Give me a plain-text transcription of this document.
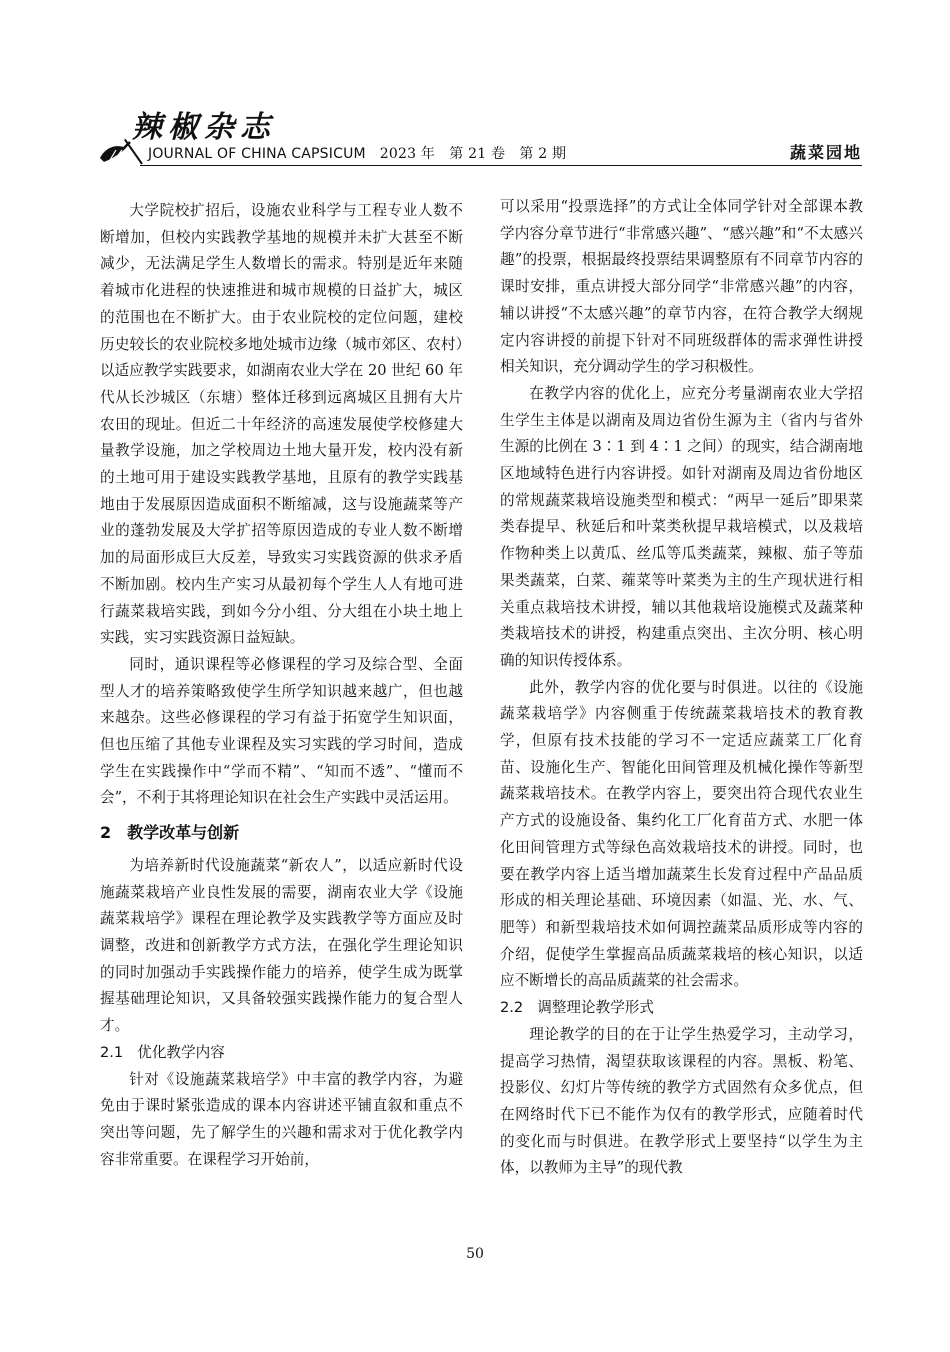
辣椒杂志
JOURNAL OF CHINA CAPSICUM 2023 年　第 21 卷　第 2 期	蔬菜园地

大学院校扩招后，设施农业科学与工程专业人数不断增加，但校内实践教学基地的规模并未扩大甚至不断减少，无法满足学生人数增长的需求。特别是近年来随着城市化进程的快速推进和城市规模的日益扩大，城区的范围也在不断扩大。由于农业院校的定位问题，建校历史较长的农业院校多地处城市边缘（城市郊区、农村）以适应教学实践要求，如湖南农业大学在 20 世纪 60 年代从长沙城区（东塘）整体迁移到远离城区且拥有大片农田的现址。但近二十年经济的高速发展使学校修建大量教学设施，加之学校周边土地大量开发，校内没有新的土地可用于建设实践教学基地，且原有的教学实践基地由于发展原因造成面积不断缩减，这与设施蔬菜等产业的蓬勃发展及大学扩招等原因造成的专业人数不断增加的局面形成巨大反差，导致实习实践资源的供求矛盾不断加剧。校内生产实习从最初每个学生人人有地可进行蔬菜栽培实践，到如今分小组、分大组在小块土地上实践，实习实践资源日益短缺。

同时，通识课程等必修课程的学习及综合型、全面型人才的培养策略致使学生所学知识越来越广，但也越来越杂。这些必修课程的学习有益于拓宽学生知识面，但也压缩了其他专业课程及实习实践的学习时间，造成学生在实践操作中“学而不精”、“知而不透”、“懂而不会”，不利于其将理论知识在社会生产实践中灵活运用。

2 教学改革与创新

为培养新时代设施蔬菜“新农人”，以适应新时代设施蔬菜栽培产业良性发展的需要，湖南农业大学《设施蔬菜栽培学》课程在理论教学及实践教学等方面应及时调整，改进和创新教学方式方法，在强化学生理论知识的同时加强动手实践操作能力的培养，使学生成为既掌握基础理论知识，又具备较强实践操作能力的复合型人才。

2.1 优化教学内容

针对《设施蔬菜栽培学》中丰富的教学内容，为避免由于课时紧张造成的课本内容讲述平铺直叙和重点不突出等问题，先了解学生的兴趣和需求对于优化教学内容非常重要。在课程学习开始前，

可以采用“投票选择”的方式让全体同学针对全部课本教学内容分章节进行“非常感兴趣”、“感兴趣”和“不太感兴趣”的投票，根据最终投票结果调整原有不同章节内容的课时安排，重点讲授大部分同学“非常感兴趣”的内容，辅以讲授“不太感兴趣”的章节内容，在符合教学大纲规定内容讲授的前提下针对不同班级群体的需求弹性讲授相关知识，充分调动学生的学习积极性。

在教学内容的优化上，应充分考量湖南农业大学招生学生主体是以湖南及周边省份生源为主（省内与省外生源的比例在 3∶1 到 4∶1 之间）的现实，结合湖南地区地域特色进行内容讲授。如针对湖南及周边省份地区的常规蔬菜栽培设施类型和模式：“两早一延后”即果菜类春提早、秋延后和叶菜类秋提早栽培模式，以及栽培作物种类上以黄瓜、丝瓜等瓜类蔬菜，辣椒、茄子等茄果类蔬菜，白菜、蕹菜等叶菜类为主的生产现状进行相关重点栽培技术讲授，辅以其他栽培设施模式及蔬菜种类栽培技术的讲授，构建重点突出、主次分明、核心明确的知识传授体系。

此外，教学内容的优化要与时俱进。以往的《设施蔬菜栽培学》内容侧重于传统蔬菜栽培技术的教育教学，但原有技术技能的学习不一定适应蔬菜工厂化育苗、设施化生产、智能化田间管理及机械化操作等新型蔬菜栽培技术。在教学内容上，要突出符合现代农业生产方式的设施设备、集约化工厂化育苗方式、水肥一体化田间管理方式等绿色高效栽培技术的讲授。同时，也要在教学内容上适当增加蔬菜生长发育过程中产品品质形成的相关理论基础、环境因素（如温、光、水、气、肥等）和新型栽培技术如何调控蔬菜品质形成等内容的介绍，促使学生掌握高品质蔬菜栽培的核心知识，以适应不断增长的高品质蔬菜的社会需求。

2.2 调整理论教学形式

理论教学的目的在于让学生热爱学习，主动学习，提高学习热情，渴望获取该课程的内容。黑板、粉笔、投影仪、幻灯片等传统的教学方式固然有众多优点，但在网络时代下已不能作为仅有的教学形式，应随着时代的变化而与时俱进。在教学形式上要坚持“以学生为主体，以教师为主导”的现代教

50
